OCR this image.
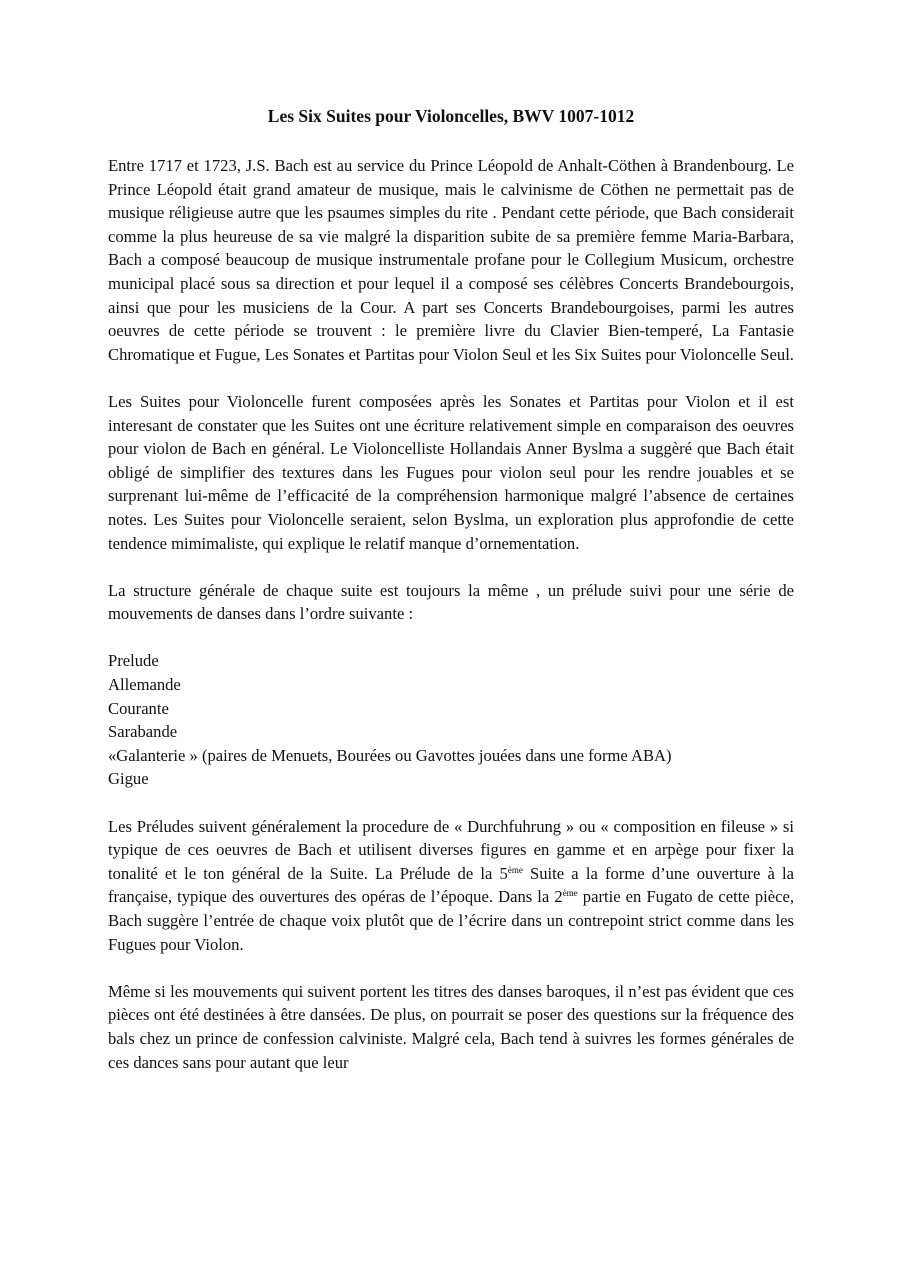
Les Six Suites pour Violoncelles, BWV 1007-1012

Entre 1717 et 1723, J.S. Bach est au service du Prince Léopold de Anhalt-Cöthen à Brandenbourg. Le Prince Léopold était grand amateur de musique, mais le calvinisme de Cöthen ne permettait pas de musique réligieuse autre que les psaumes simples du rite . Pendant cette période, que Bach considerait comme la plus heureuse de sa vie malgré la disparition subite de sa première femme Maria-Barbara, Bach a composé beaucoup de musique instrumentale profane pour le Collegium Musicum, orchestre municipal placé sous sa direction et pour lequel il a composé ses célèbres Concerts Brandebourgois, ainsi que pour les musiciens de la Cour. A part ses Concerts Brandebourgoises, parmi les autres oeuvres de cette période se trouvent : le première livre du Clavier Bien-temperé, La Fantasie Chromatique et Fugue, Les Sonates et Partitas pour Violon Seul et les Six Suites pour Violoncelle Seul.

Les Suites pour Violoncelle furent composées après les Sonates et Partitas pour Violon et il est interesant de constater que les Suites ont une écriture relativement simple en comparaison des oeuvres pour violon de Bach en général. Le Violoncelliste Hollandais Anner Byslma a suggèré que Bach était obligé de simplifier des textures dans les Fugues pour violon seul pour les rendre jouables et se surprenant lui-même de l’efficacité de la compréhension harmonique malgré l’absence de certaines notes. Les Suites pour Violoncelle seraient, selon Byslma, un exploration plus approfondie de cette tendence mimimaliste, qui explique le relatif manque d’ornementation.

La structure générale de chaque suite est toujours la même , un prélude suivi pour une série de mouvements de danses dans l’ordre suivante :

Prelude
Allemande
Courante
Sarabande
«Galanterie » (paires de Menuets, Bourées ou Gavottes jouées dans une forme ABA)
Gigue

Les Préludes suivent généralement la procedure de « Durchfuhrung » ou « composition en fileuse » si typique de ces oeuvres de Bach et utilisent diverses figures en gamme et en arpège pour fixer la tonalité et le ton général de la Suite. La Prélude de la 5ème Suite a la forme d’une ouverture à la française, typique des ouvertures des opéras de l’époque. Dans la 2ème partie en Fugato de cette pièce, Bach suggère l’entrée de chaque voix plutôt que de l’écrire dans un contrepoint strict comme dans les Fugues pour Violon.

Même si les mouvements qui suivent portent les titres des danses baroques, il n’est pas évident que ces pièces ont été destinées à être dansées. De plus, on pourrait se poser des questions sur la fréquence des bals chez un prince de confession calviniste. Malgré cela, Bach tend à suivres les formes générales de ces dances sans pour autant que leur
